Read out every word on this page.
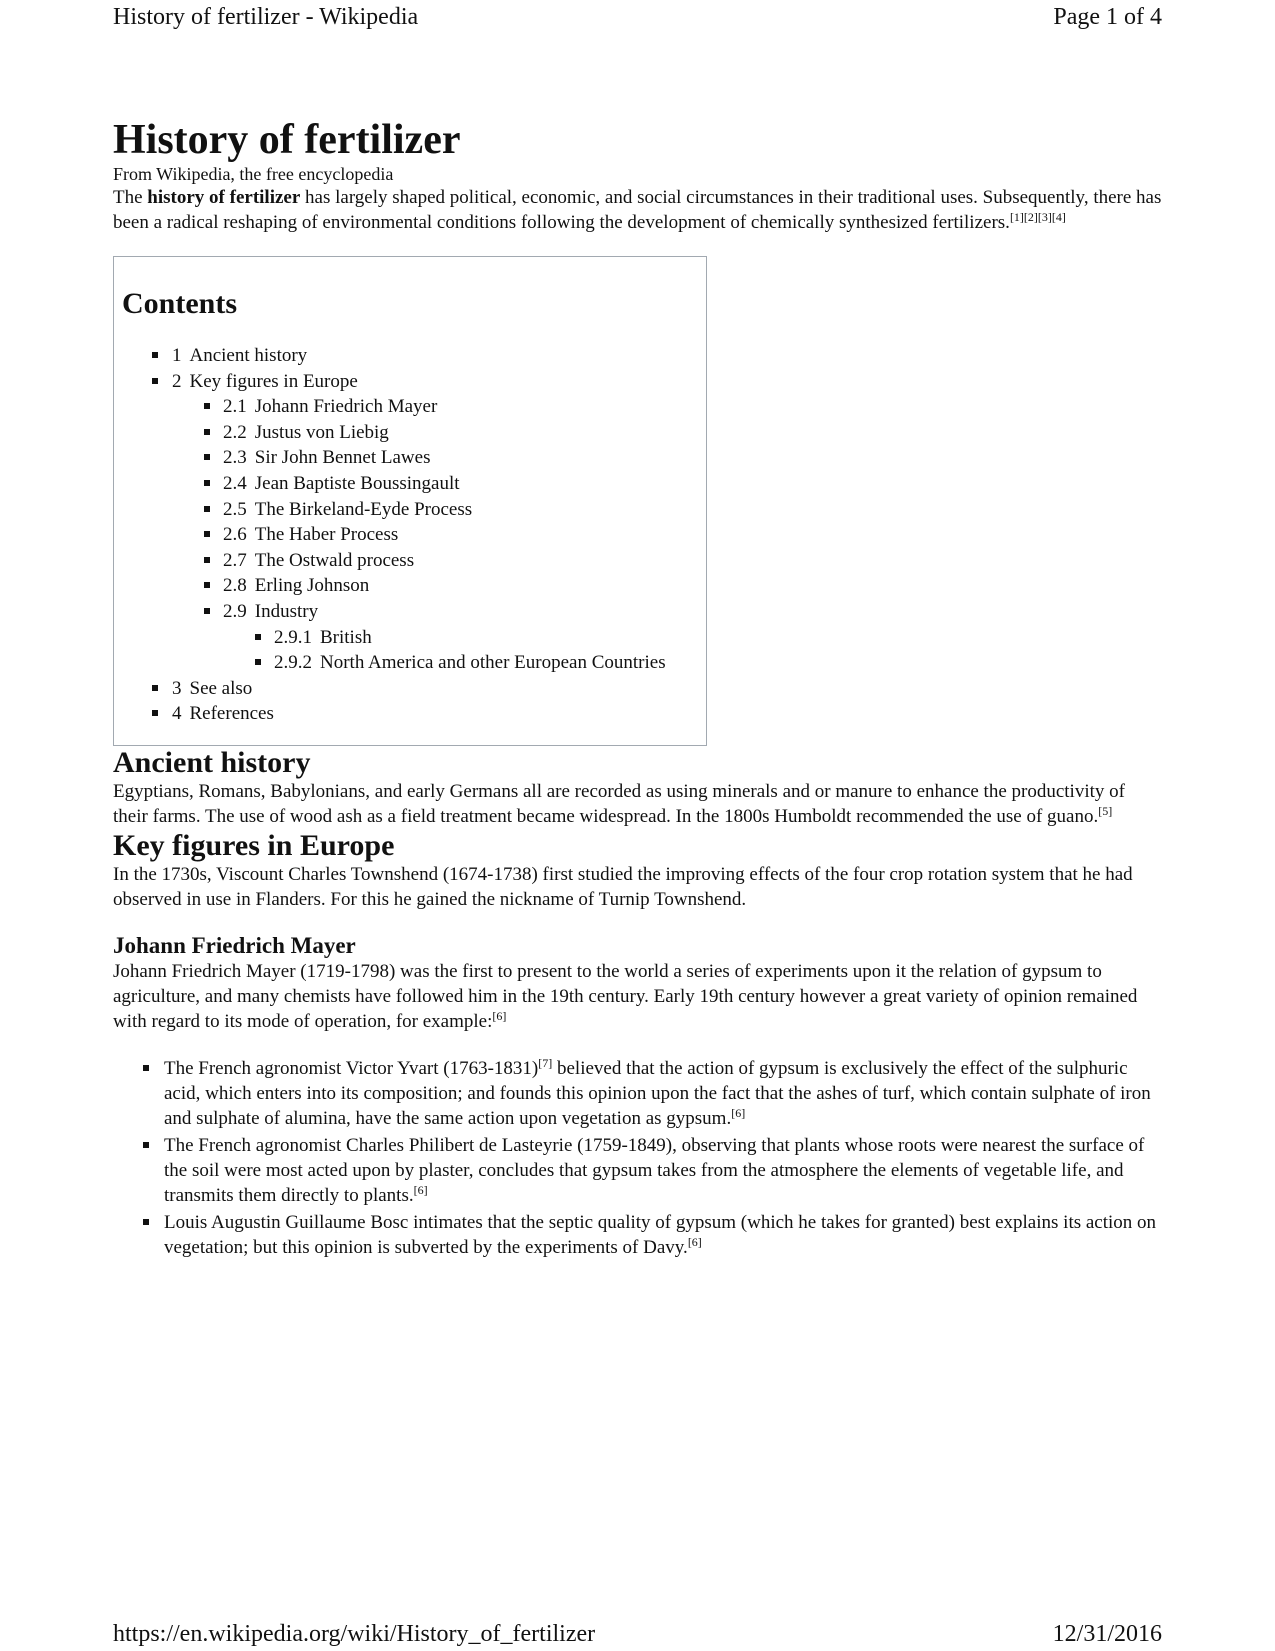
History of fertilizer - Wikipedia	Page 1 of 4
History of fertilizer
From Wikipedia, the free encyclopedia

The history of fertilizer has largely shaped political, economic, and social circumstances in their traditional uses. Subsequently, there has been a radical reshaping of environmental conditions following the development of chemically synthesized fertilizers.[1][2][3][4]

Contents
1 Ancient history
2 Key figures in Europe
2.1 Johann Friedrich Mayer
2.2 Justus von Liebig
2.3 Sir John Bennet Lawes
2.4 Jean Baptiste Boussingault
2.5 The Birkeland-Eyde Process
2.6 The Haber Process
2.7 The Ostwald process
2.8 Erling Johnson
2.9 Industry
2.9.1 British
2.9.2 North America and other European Countries
3 See also
4 References
Ancient history

Egyptians, Romans, Babylonians, and early Germans all are recorded as using minerals and or manure to enhance the productivity of their farms. The use of wood ash as a field treatment became widespread. In the 1800s Humboldt recommended the use of guano.[5]

Key figures in Europe

In the 1730s, Viscount Charles Townshend (1674-1738) first studied the improving effects of the four crop rotation system that he had observed in use in Flanders. For this he gained the nickname of Turnip Townshend.

Johann Friedrich Mayer

Johann Friedrich Mayer (1719-1798) was the first to present to the world a series of experiments upon it the relation of gypsum to agriculture, and many chemists have followed him in the 19th century. Early 19th century however a great variety of opinion remained with regard to its mode of operation, for example:[6]

The French agronomist Victor Yvart (1763-1831)[7] believed that the action of gypsum is exclusively the effect of the sulphuric acid, which enters into its composition; and founds this opinion upon the fact that the ashes of turf, which contain sulphate of iron and sulphate of alumina, have the same action upon vegetation as gypsum.[6]
The French agronomist Charles Philibert de Lasteyrie (1759-1849), observing that plants whose roots were nearest the surface of the soil were most acted upon by plaster, concludes that gypsum takes from the atmosphere the elements of vegetable life, and transmits them directly to plants.[6]
Louis Augustin Guillaume Bosc intimates that the septic quality of gypsum (which he takes for granted) best explains its action on vegetation; but this opinion is subverted by the experiments of Davy.[6]
https://en.wikipedia.org/wiki/History_of_fertilizer	12/31/2016
